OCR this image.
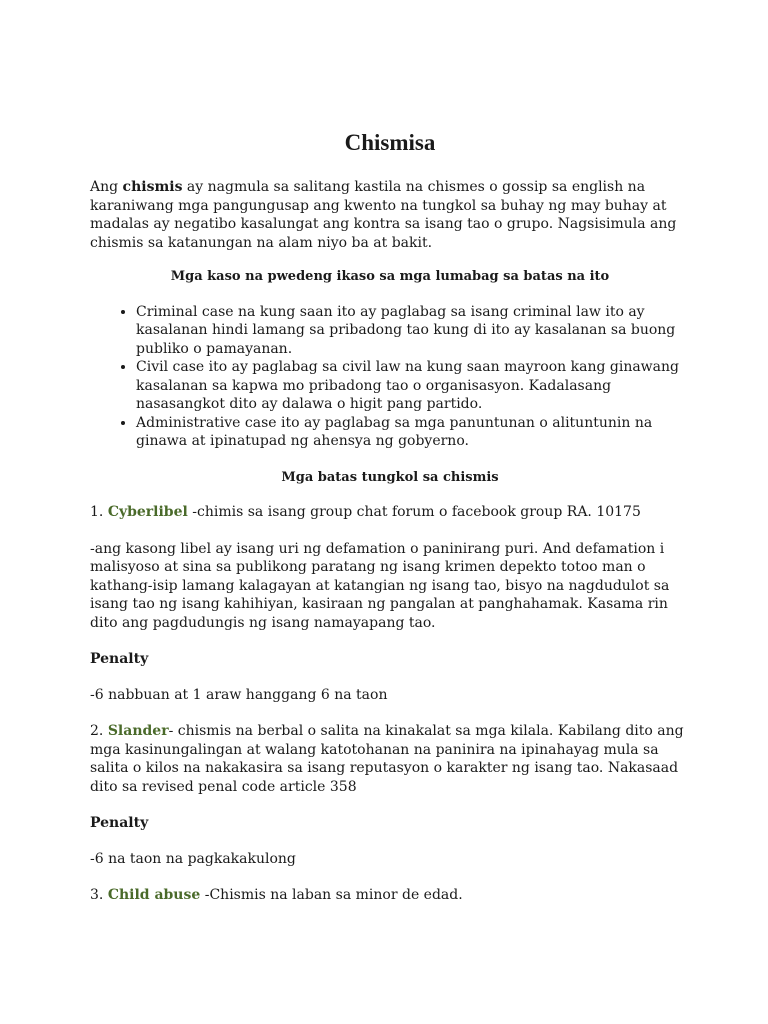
Chismisa

Ang chismis ay nagmula sa salitang kastila na chismes o gossip sa english na karaniwang mga pangungusap ang kwento na tungkol sa buhay ng may buhay at madalas ay negatibo kasalungat ang kontra sa isang tao o grupo. Nagsisimula ang chismis sa katanungan na alam niyo ba at bakit.

Mga kaso na pwedeng ikaso sa mga lumabag sa batas na ito

• Criminal case na kung saan ito ay paglabag sa isang criminal law ito ay kasalanan hindi lamang sa pribadong tao kung di ito ay kasalanan sa buong publiko o pamayanan.
• Civil case ito ay paglabag sa civil law na kung saan mayroon kang ginawang kasalanan sa kapwa mo pribadong tao o organisasyon. Kadalasang nasasangkot dito ay dalawa o higit pang partido.
• Administrative case ito ay paglabag sa mga panuntunan o alituntunin na ginawa at ipinatupad ng ahensya ng gobyerno.

Mga batas tungkol sa chismis

1. Cyberlibel -chimis sa isang group chat forum o facebook group RA. 10175

-ang kasong libel ay isang uri ng defamation o paninirang puri. And defamation i malisyoso at sina sa publikong paratang ng isang krimen depekto totoo man o kathang-isip lamang kalagayan at katangian ng isang tao, bisyo na nagdudulot sa isang tao ng isang kahihiyan, kasiraan ng pangalan at panghahamak. Kasama rin dito ang pagdudungis ng isang namayapang tao.

Penalty

-6 nabbuan at 1 araw hanggang 6 na taon

2. Slander- chismis na berbal o salita na kinakalat sa mga kilala. Kabilang dito ang mga kasinungalingan at walang katotohanan na paninira na ipinahayag mula sa salita o kilos na nakakasira sa isang reputasyon o karakter ng isang tao. Nakasaad dito sa revised penal code article 358

Penalty

-6 na taon na pagkakakulong

3. Child abuse -Chismis na laban sa minor de edad.
